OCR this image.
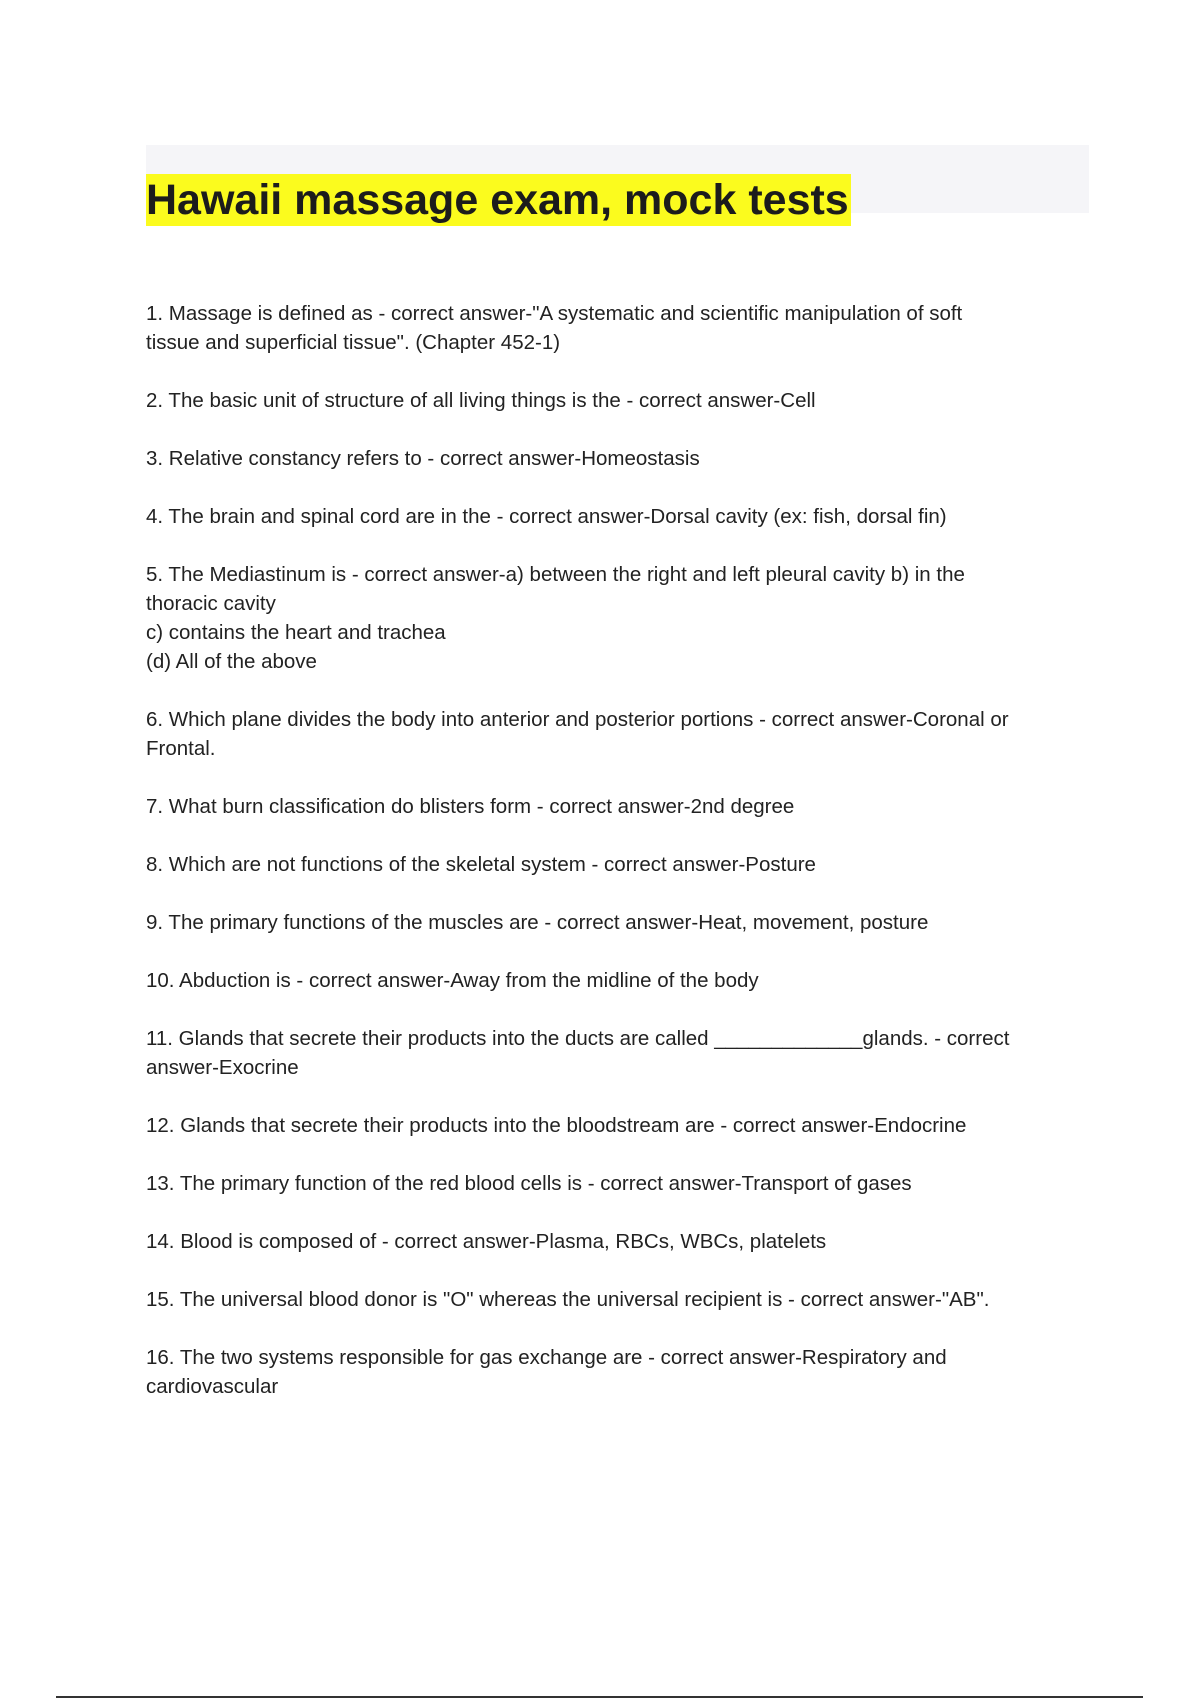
Hawaii massage exam, mock tests
1. Massage is defined as - correct answer-"A systematic and scientific manipulation of soft
tissue and superficial tissue". (Chapter 452-1)
2. The basic unit of structure of all living things is the - correct answer-Cell
3. Relative constancy refers to - correct answer-Homeostasis
4. The brain and spinal cord are in the - correct answer-Dorsal cavity (ex: fish, dorsal fin)
5. The Mediastinum is - correct answer-a) between the right and left pleural cavity b) in the
thoracic cavity
c) contains the heart and trachea
(d) All of the above
6. Which plane divides the body into anterior and posterior portions - correct answer-Coronal or
Frontal.
7. What burn classification do blisters form - correct answer-2nd degree
8. Which are not functions of the skeletal system - correct answer-Posture
9. The primary functions of the muscles are - correct answer-Heat, movement, posture
10. Abduction is - correct answer-Away from the midline of the body
11. Glands that secrete their products into the ducts are called _____________glands. - correct
answer-Exocrine
12. Glands that secrete their products into the bloodstream are - correct answer-Endocrine
13. The primary function of the red blood cells is - correct answer-Transport of gases
14. Blood is composed of - correct answer-Plasma, RBCs, WBCs, platelets
15. The universal blood donor is "O" whereas the universal recipient is - correct answer-"AB".
16. The two systems responsible for gas exchange are - correct answer-Respiratory and
cardiovascular
